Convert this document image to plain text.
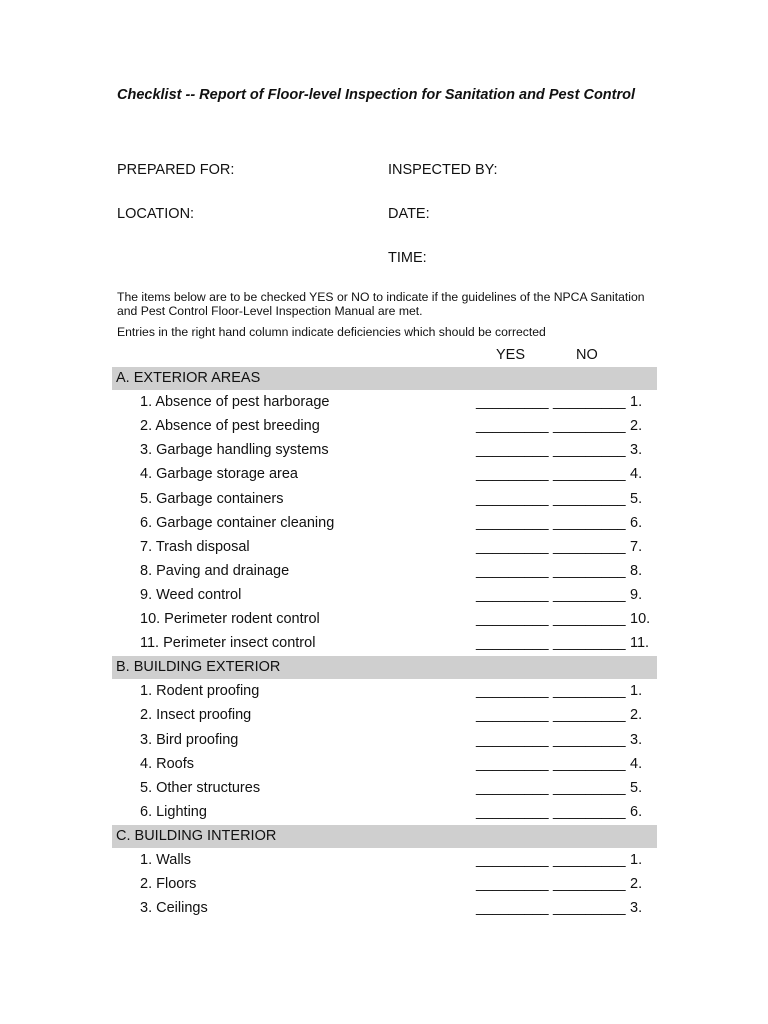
Checklist -- Report of Floor-level Inspection for Sanitation and Pest Control
PREPARED FOR:	INSPECTED BY:
LOCATION:	DATE:
TIME:
The items below are to be checked YES or NO to indicate if the guidelines of the NPCA Sanitation and Pest Control Floor-Level Inspection Manual are met.
Entries in the right hand column indicate deficiencies which should be corrected
YES	NO
A. EXTERIOR AREAS
1. Absence of pest harborage	_________ _________ 1.
2. Absence of pest breeding	_________ _________ 2.
3. Garbage handling systems	_________ _________ 3.
4. Garbage storage area	_________ _________ 4.
5. Garbage containers	_________ _________ 5.
6. Garbage container cleaning	_________ _________ 6.
7. Trash disposal	_________ _________ 7.
8. Paving and drainage	_________ _________ 8.
9. Weed control	_________ _________ 9.
10. Perimeter rodent control	_________ _________ 10.
11. Perimeter insect control	_________ _________ 11.
B. BUILDING EXTERIOR
1. Rodent proofing	_________ _________ 1.
2. Insect proofing	_________ _________ 2.
3. Bird proofing	_________ _________ 3.
4. Roofs	_________ _________ 4.
5. Other structures	_________ _________ 5.
6. Lighting	_________ _________ 6.
C. BUILDING INTERIOR
1. Walls	_________ _________ 1.
2. Floors	_________ _________ 2.
3. Ceilings	_________ _________ 3.
